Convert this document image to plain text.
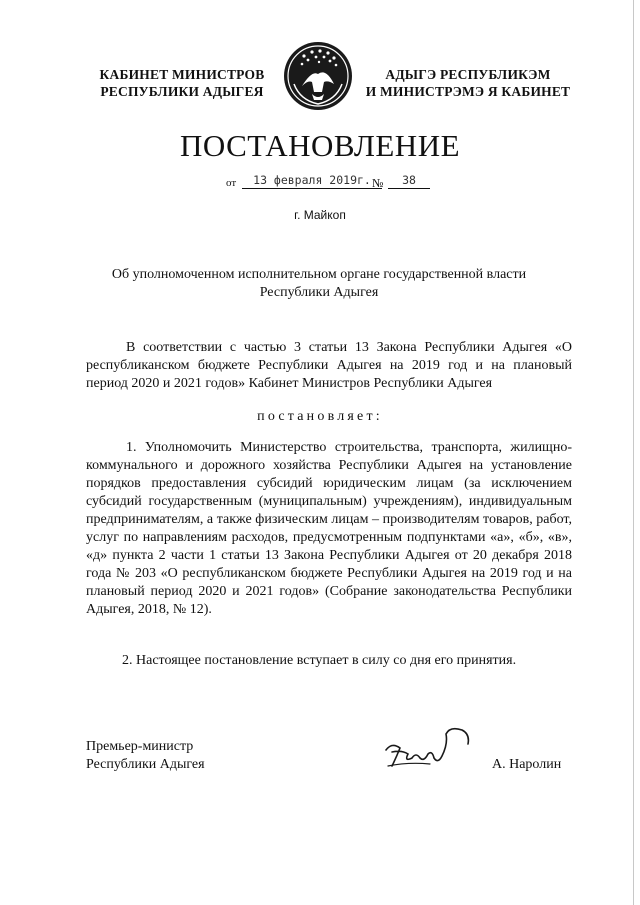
КАБИНЕТ МИНИСТРОВ
РЕСПУБЛИКИ АДЫГЕЯ
АДЫГЭ РЕСПУБЛИКЭМ
И МИНИСТРЭМЭ Я КАБИНЕТ
ПОСТАНОВЛЕНИЕ
от	13 февраля 2019г. №	38
г. Майкоп
Об уполномоченном исполнительном органе государственной власти Республики Адыгея
В соответствии с частью 3 статьи 13 Закона Республики Адыгея «О республиканском бюджете Республики Адыгея на 2019 год и на плановый период 2020 и 2021 годов» Кабинет Министров Республики Адыгея
постановляет:
1. Уполномочить Министерство строительства, транспорта, жилищно-коммунального и дорожного хозяйства Республики Адыгея на установление порядков предоставления субсидий юридическим лицам (за исключением субсидий государственным (муниципальным) учреждениям), индивидуальным предпринимателям, а также физическим лицам – производителям товаров, работ, услуг по направлениям расходов, предусмотренным подпунктами «а», «б», «в», «д» пункта 2 части 1 статьи 13 Закона Республики Адыгея от 20 декабря 2018 года № 203 «О республиканском бюджете Республики Адыгея на 2019 год и на плановый период 2020 и 2021 годов» (Собрание законодательства Республики Адыгея, 2018, № 12).
2. Настоящее постановление вступает в силу со дня его принятия.
Премьер-министр
Республики Адыгея	А. Наролин
